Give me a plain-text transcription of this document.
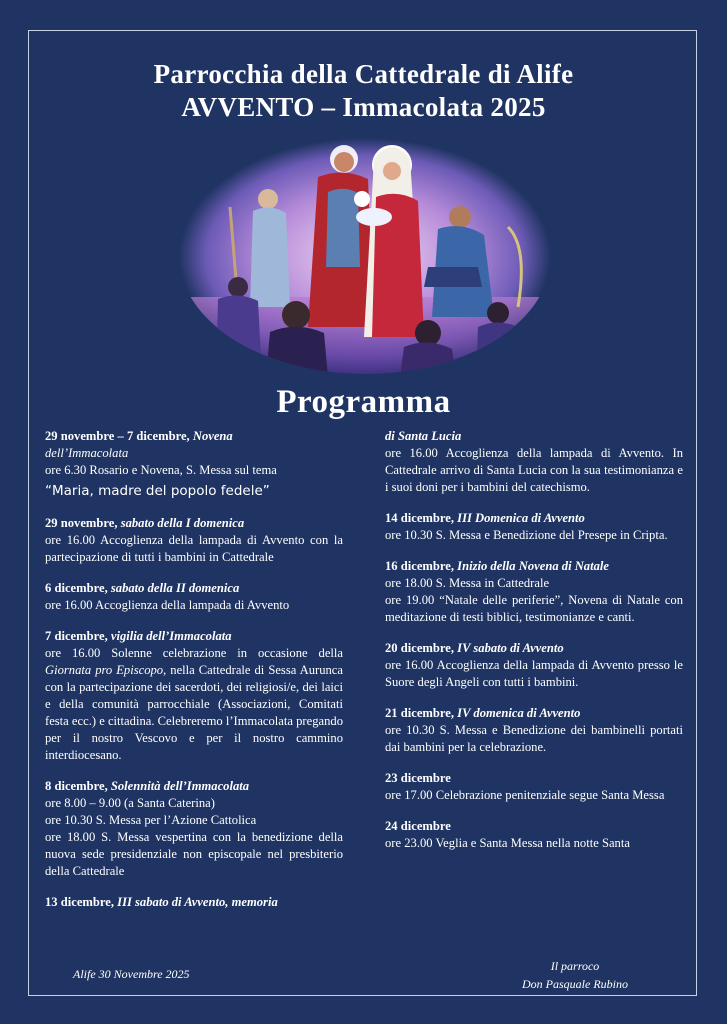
Parrocchia della Cattedrale di Alife
AVVENTO – Immacolata 2025
Programma
29 novembre – 7 dicembre, Novena
dell’Immacolata
ore 6.30 Rosario e Novena, S. Messa sul tema
“Maria, madre del popolo fedele”
29 novembre, sabato della I domenica
ore 16.00 Accoglienza della lampada di Avvento con la partecipazione di tutti i bambini in Cattedrale
6 dicembre, sabato della II domenica
ore 16.00 Accoglienza della lampada di Avvento
7 dicembre, vigilia dell’Immacolata
ore 16.00 Solenne celebrazione in occasione della Giornata pro Episcopo, nella Cattedrale di Sessa Aurunca con la partecipazione dei sacerdoti, dei religiosi/e, dei laici e della comunità parrocchiale (Associazioni, Comitati festa ecc.) e cittadina. Celebreremo l’Immacolata pregando per il nostro Vescovo e per il nostro cammino interdiocesano.
8 dicembre, Solennità dell’Immacolata
ore 8.00 – 9.00 (a Santa Caterina)
ore 10.30 S. Messa per l’Azione Cattolica
ore 18.00 S. Messa vespertina con la benedizione della nuova sede presidenziale non episcopale nel presbiterio della Cattedrale
13 dicembre, III sabato di Avvento, memoria
di Santa Lucia
ore 16.00 Accoglienza della lampada di Avvento. In Cattedrale arrivo di Santa Lucia con la sua testimonianza e i suoi doni per i bambini del catechismo.
14 dicembre, III Domenica di Avvento
ore 10.30 S. Messa e Benedizione del Presepe in Cripta.
16 dicembre, Inizio della Novena di Natale
ore 18.00 S. Messa in Cattedrale
ore 19.00 “Natale delle periferie”, Novena di Natale con meditazione di testi biblici, testimonianze e canti.
20 dicembre, IV sabato di Avvento
ore 16.00 Accoglienza della lampada di Avvento presso le Suore degli Angeli con tutti i bambini.
21 dicembre, IV domenica di Avvento
ore 10.30 S. Messa e Benedizione dei bambinelli portati dai bambini per la celebrazione.
23 dicembre
ore 17.00 Celebrazione penitenziale segue Santa Messa
24 dicembre
ore 23.00 Veglia e Santa Messa nella notte Santa
Alife 30 Novembre 2025
Il parroco
Don Pasquale Rubino
